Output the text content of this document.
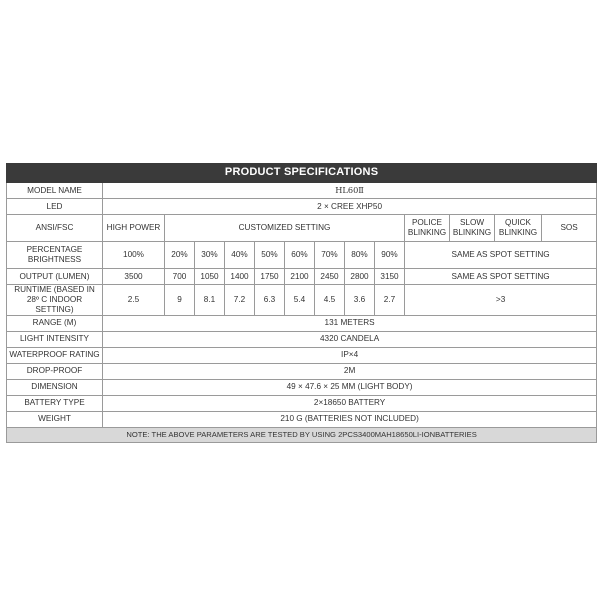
PRODUCT SPECIFICATIONS													
MODEL NAME	HL60Ⅱ												
LED	2 × CREE XHP50												
ANSI/FSC	HIGH POWER	CUSTOMIZED SETTING								POLICE BLINKING	SLOW BLINKING	QUICK BLINKING	SOS
PERCENTAGE BRIGHTNESS	100%	20%	30%	40%	50%	60%	70%	80%	90%	SAME AS SPOT SETTING			
OUTPUT (LUMEN)	3500	700	1050	1400	1750	2100	2450	2800	3150	SAME AS SPOT SETTING			
RUNTIME (BASED IN 28º C INDOOR SETTING)	2.5	9	8.1	7.2	6.3	5.4	4.5	3.6	2.7	>3			
RANGE (M)	131 METERS												
LIGHT INTENSITY	4320 CANDELA												
WATERPROOF RATING	IP×4												
DROP-PROOF	2M												
DIMENSION	49 × 47.6 × 25 MM (LIGHT BODY)												
BATTERY TYPE	2×18650 BATTERY												
WEIGHT	210 G (BATTERIES NOT INCLUDED)												
NOTE: THE ABOVE PARAMETERS ARE TESTED BY USING 2PCS3400MAH18650LI-IONBATTERIES													
